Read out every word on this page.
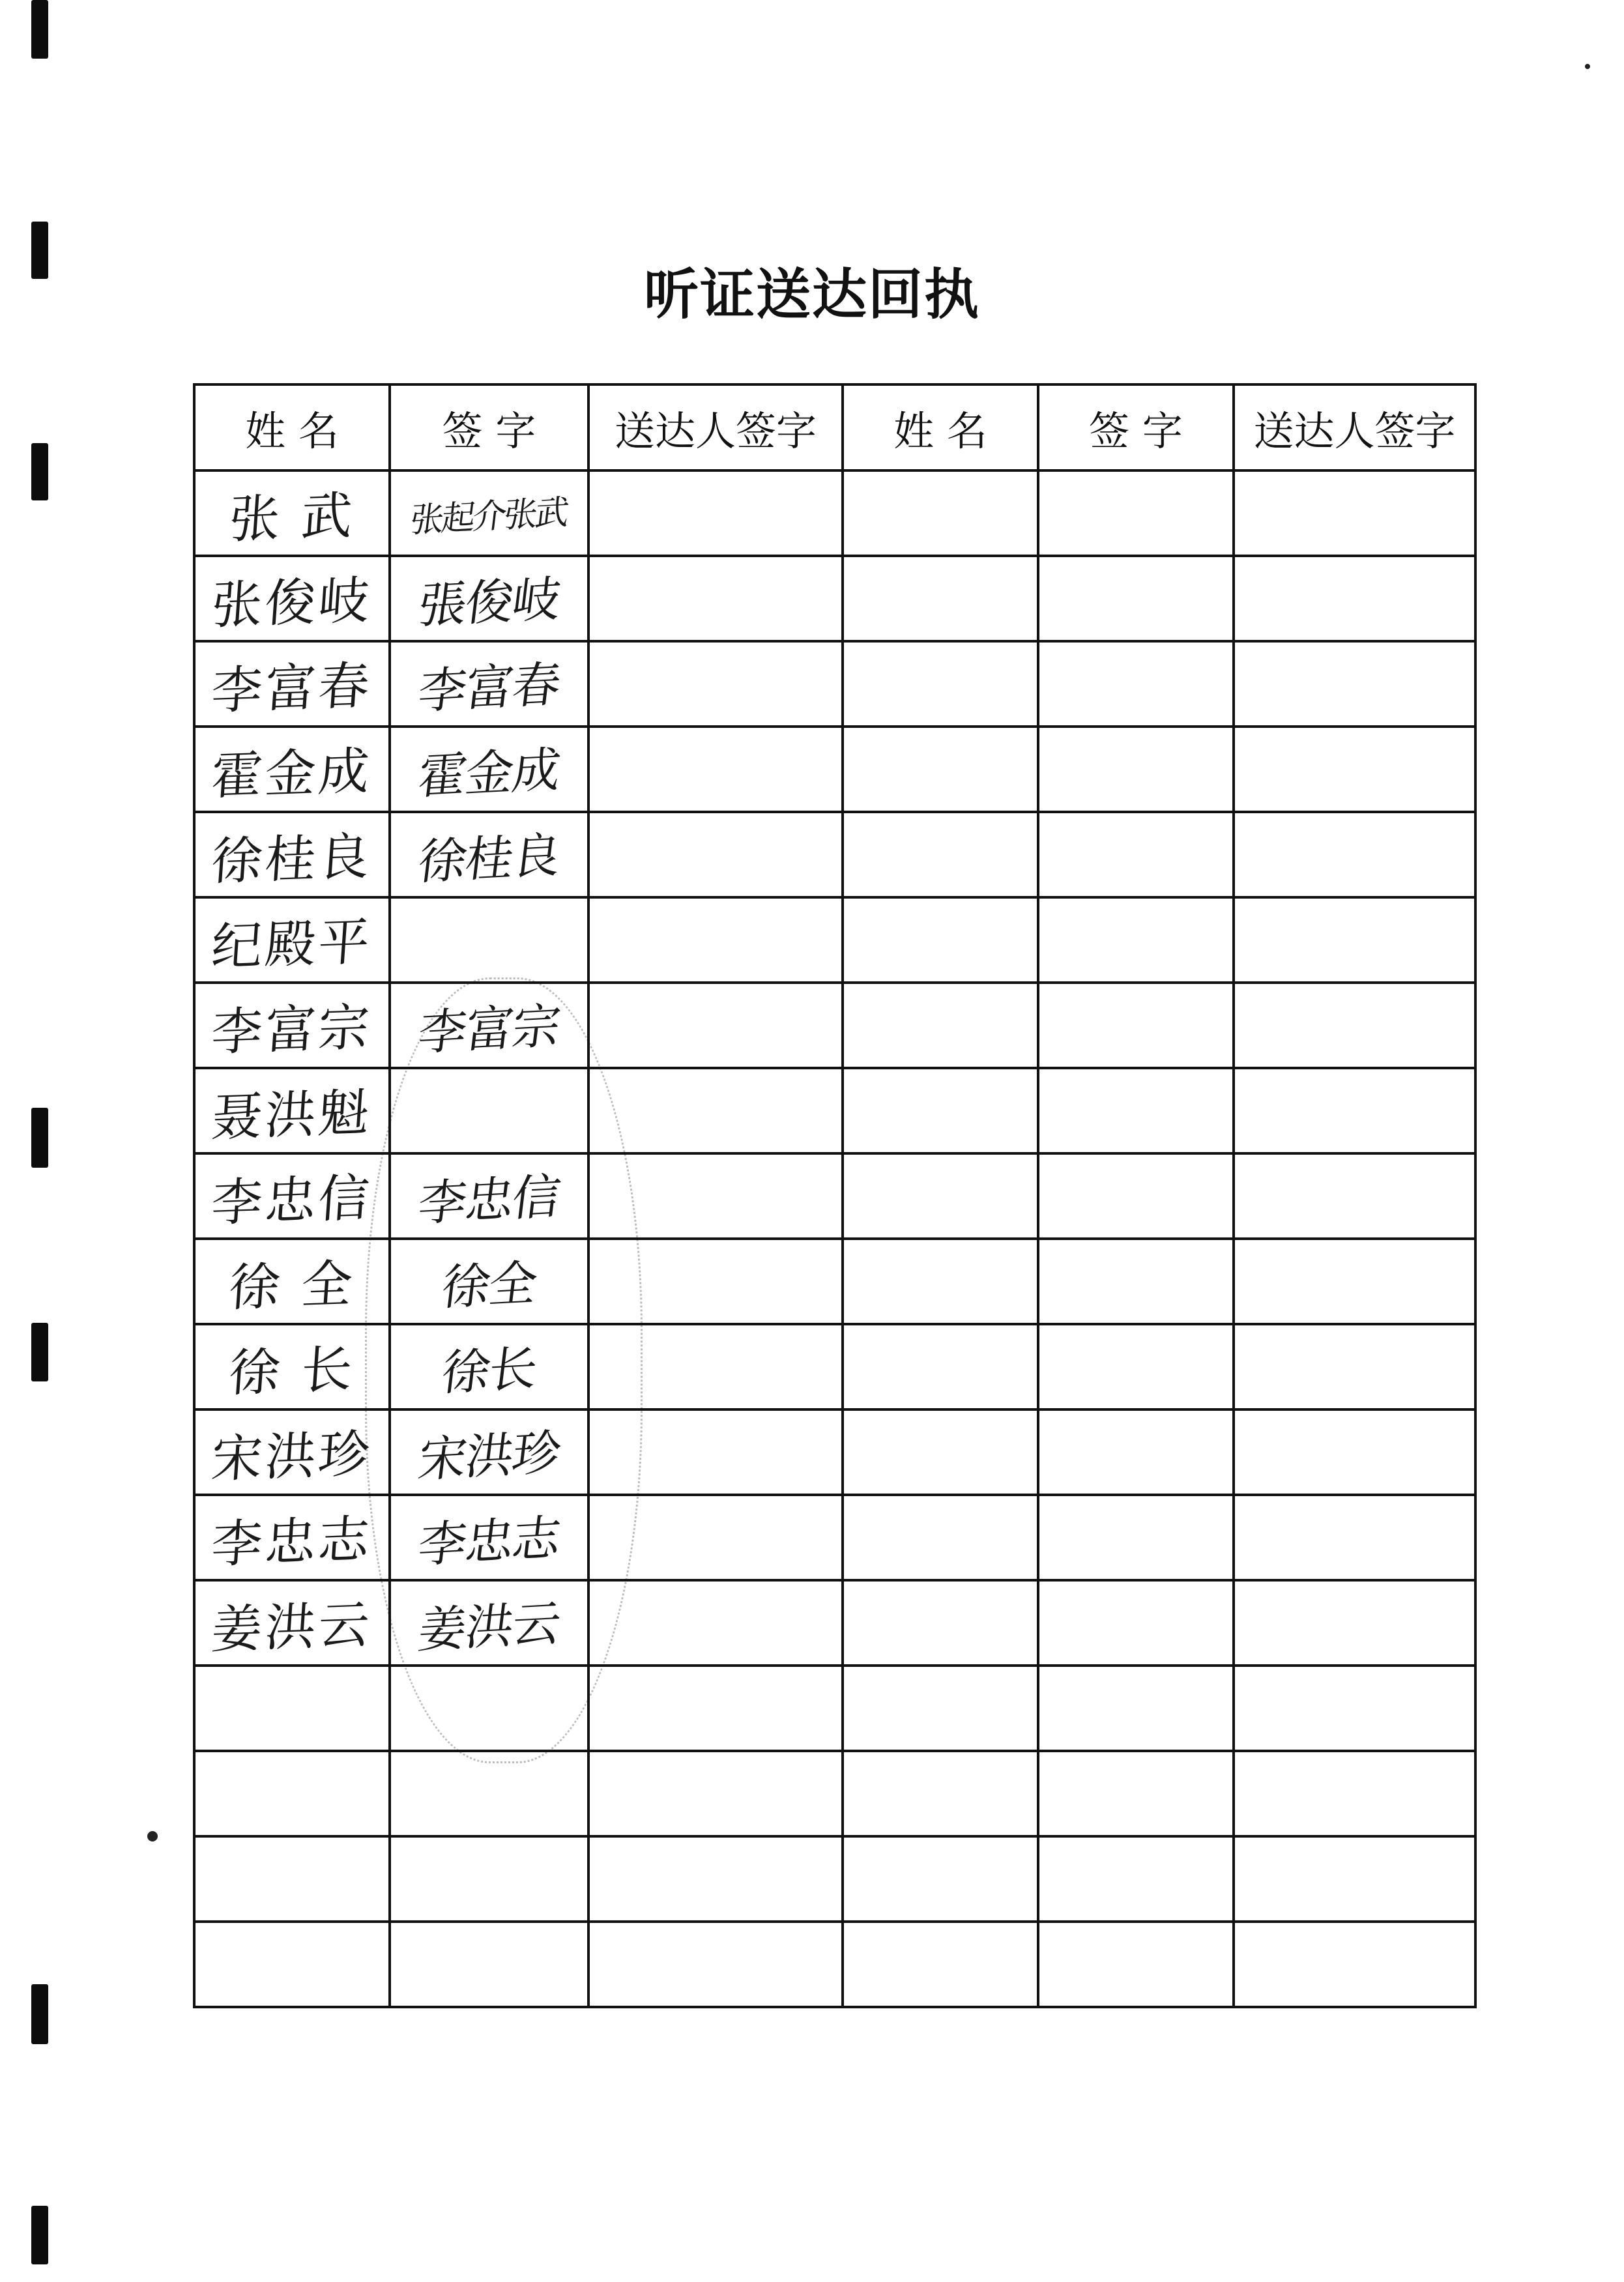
听证送达回执
姓 名	签 字	送达人签字	姓 名	签 字	送达人签字
张 武	张起介张武				
张俊岐	張俊岐				
李富春	李富春				
霍金成	霍金成				
徐桂良	徐桂良				
纪殿平					
李富宗	李富宗				
聂洪魁					
李忠信	李忠信				
徐 全	徐全				
徐 长	徐长				
宋洪珍	宋洪珍				
李忠志	李忠志				
姜洪云	姜洪云				
